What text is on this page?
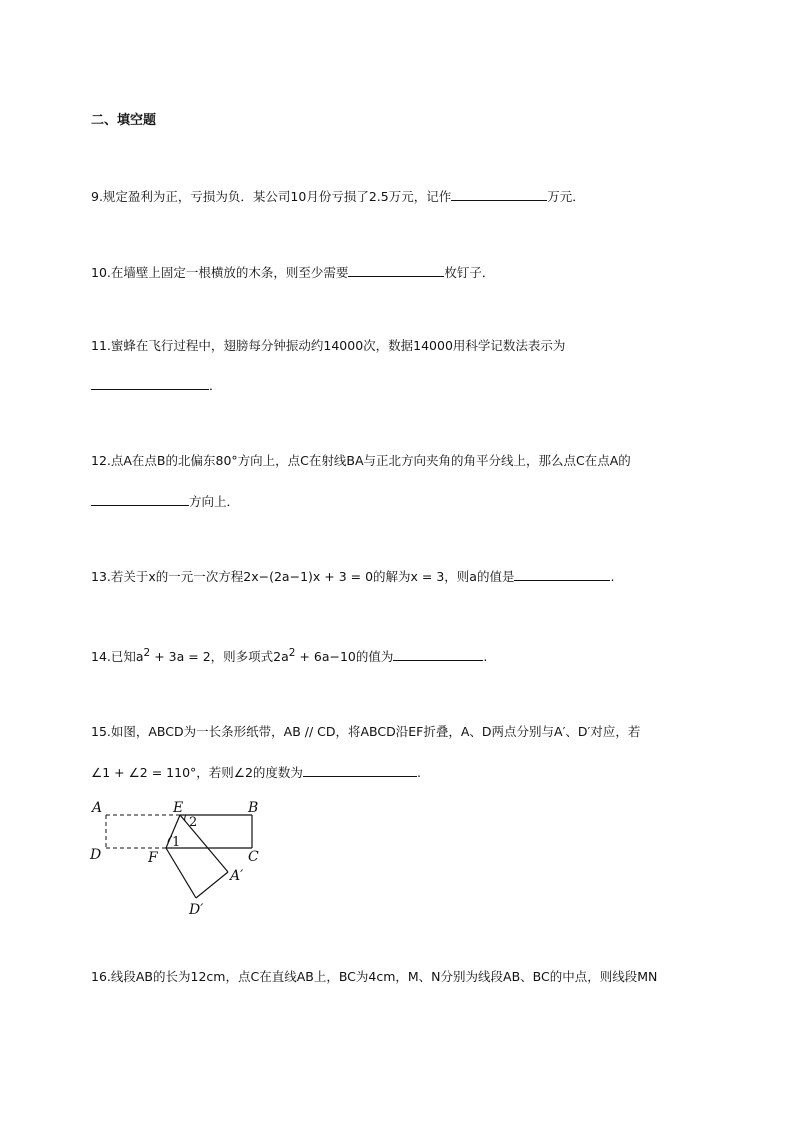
二、填空题
9.规定盈利为正，亏损为负．某公司10月份亏损了2.5万元，记作	万元．
10.在墙壁上固定一根横放的木条，则至少需要	枚钉子．
11.蜜蜂在飞行过程中，翅膀每分钟振动约14000次，数据14000用科学记数法表示为
．
12.点A在点B的北偏东80°方向上，点C在射线BA与正北方向夹角的角平分线上，那么点C在点A的
方向上．
13.若关于x的一元一次方程2x−(2a−1)x + 3 = 0的解为x = 3，则a的值是	.
14.已知$a^2 + 3a = 2$，则多项式$2a^2 + 6a-10$的值为	.
15.如图，ABCD为一长条形纸带，AB // CD，将ABCD沿EF折叠，A、D两点分别与A′、D′对应，若
∠1 + ∠2 = 110°，若则∠2的度数为	.
A	E	B
D	F	C
A′
D′
1
2
16.线段AB的长为12cm，点C在直线AB上，BC为4cm，M、N分别为线段AB、BC的中点，则线段MN
